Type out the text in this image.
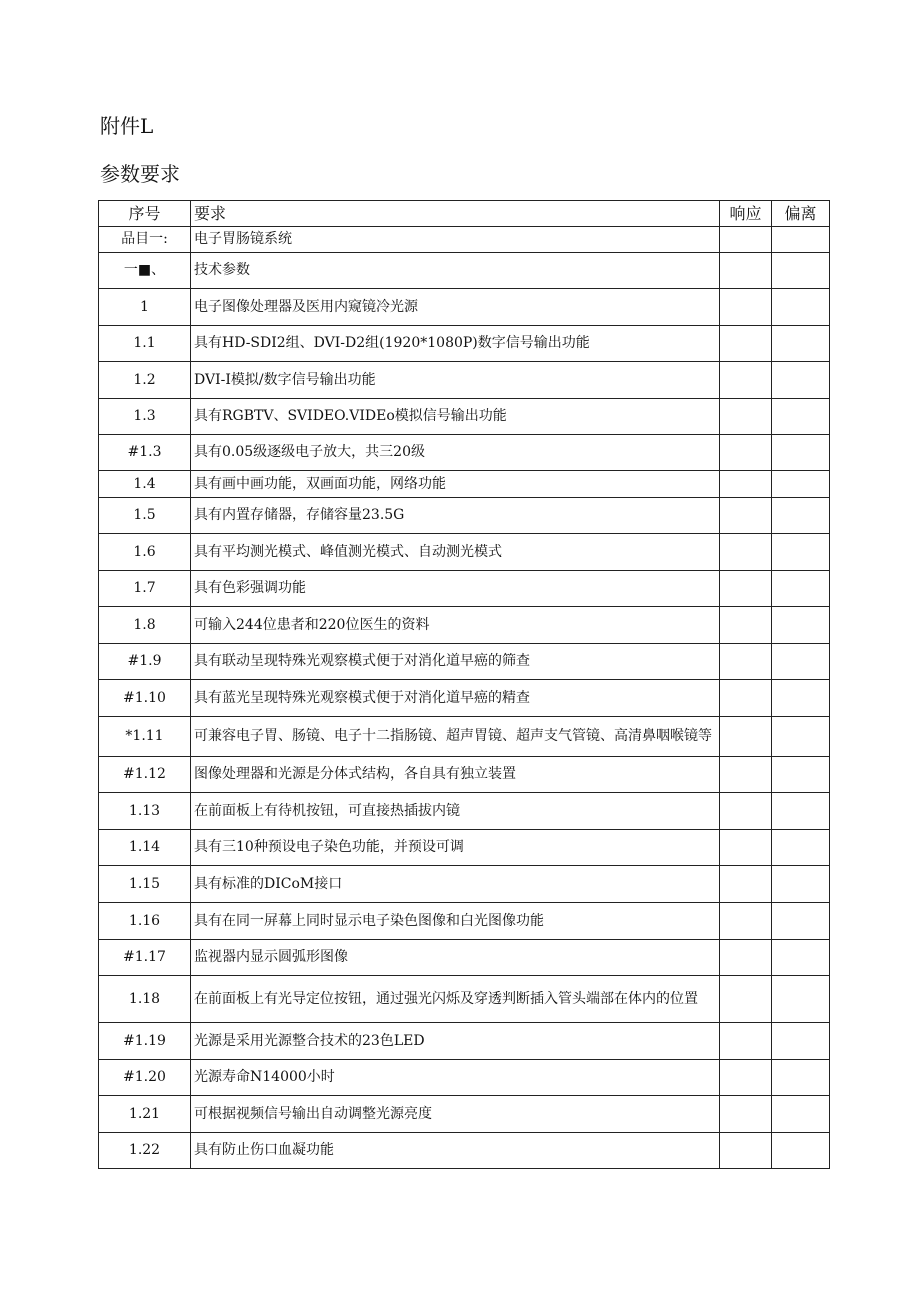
附件L
参数要求
序号	要求	响应	偏离
品目一:	电子胃肠镜系统		
一■、	技术参数		
1	电子图像处理器及医用内窥镜冷光源		
1.1	具有HD-SDI2组、DVI-D2组(1920*1080P)数字信号输出功能		
1.2	DVI-I模拟/数字信号输出功能		
1.3	具有RGBTV、SVIDEO.VIDEo模拟信号输出功能		
#1.3	具有0.05级逐级电子放大，共三20级		
1.4	具有画中画功能，双画面功能，网络功能		
1.5	具有内置存储器，存储容量23.5G		
1.6	具有平均测光模式、峰值测光模式、自动测光模式		
1.7	具有色彩强调功能		
1.8	可输入244位患者和220位医生的资料		
#1.9	具有联动呈现特殊光观察模式便于对消化道早癌的筛查		
#1.10	具有蓝光呈现特殊光观察模式便于对消化道早癌的精查		
*1.11	可兼容电子胃、肠镜、电子十二指肠镜、超声胃镜、超声支气管镜、高清鼻咽喉镜等		
#1.12	图像处理器和光源是分体式结构，各自具有独立装置		
1.13	在前面板上有待机按钮，可直接热插拔内镜		
1.14	具有三10种预设电子染色功能，并预设可调		
1.15	具有标准的DICoM接口		
1.16	具有在同一屏幕上同时显示电子染色图像和白光图像功能		
#1.17	监视器内显示圆弧形图像		
1.18	在前面板上有光导定位按钮，通过强光闪烁及穿透判断插入管头端部在体内的位置		
#1.19	光源是采用光源整合技术的23色LED		
#1.20	光源寿命N14000小时		
1.21	可根据视频信号输出自动调整光源亮度		
1.22	具有防止伤口血凝功能		
